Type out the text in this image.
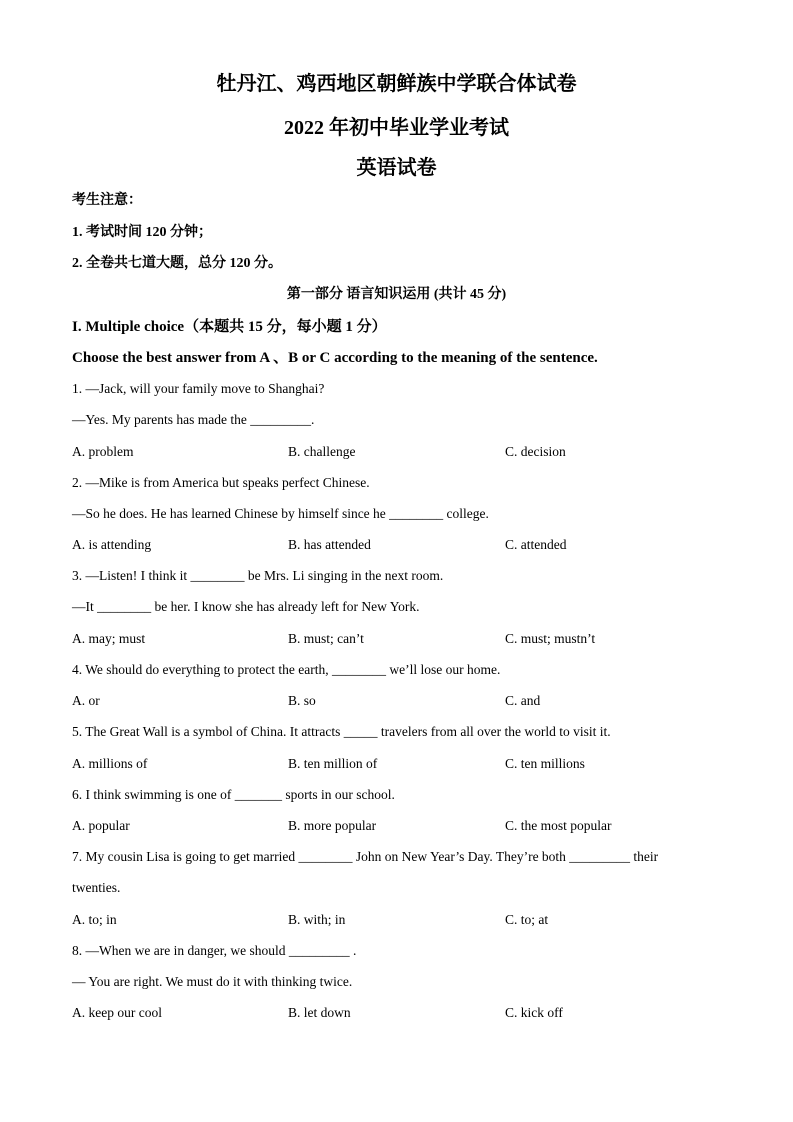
牡丹江、鸡西地区朝鲜族中学联合体试卷
2022 年初中毕业学业考试
英语试卷
考生注意：
1. 考试时间 120 分钟；
2. 全卷共七道大题，总分 120 分。
第一部分 语言知识运用 (共计 45 分)
I. Multiple choice（本题共 15 分，每小题 1 分）
Choose the best answer from A 、B or C according to the meaning of the sentence.
1. —Jack, will your family move to Shanghai?
—Yes. My parents has made the _________.
A. problem	B. challenge	C. decision
2. —Mike is from America but speaks perfect Chinese.
—So he does. He has learned Chinese by himself since he ________ college.
A. is attending	B. has attended	C. attended
3. —Listen! I think it ________ be Mrs. Li singing in the next room.
—It ________ be her. I know she has already left for New York.
A. may; must	B. must; can’t	C. must; mustn’t
4. We should do everything to protect the earth, ________ we’ll lose our home.
A. or	B. so	C. and
5. The Great Wall is a symbol of China. It attracts _____ travelers from all over the world to visit it.
A. millions of	B. ten million of	C. ten millions
6. I think swimming is one of _______ sports in our school.
A. popular	B. more popular	C. the most popular
7. My cousin Lisa is going to get married ________ John on New Year’s Day. They’re both _________ their
twenties.
A. to; in	B. with; in	C. to; at
8. —When we are in danger, we should _________ .
— You are right. We must do it with thinking twice.
A. keep our cool	B. let down	C. kick off
